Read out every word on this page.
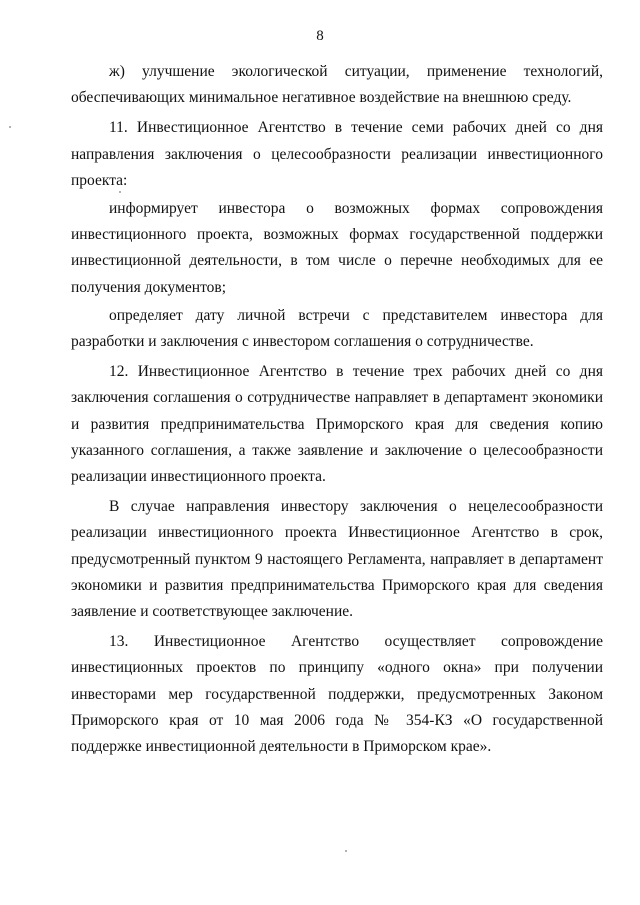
8

ж) улучшение экологической ситуации, применение технологий, обеспечивающих минимальное негативное воздействие на внешнюю среду.

11. Инвестиционное Агентство в течение семи рабочих дней со дня направления заключения о целесообразности реализации инвестиционного проекта:

информирует инвестора о возможных формах сопровождения инвестиционного проекта, возможных формах государственной поддержки инвестиционной деятельности, в том числе о перечне необходимых для ее получения документов;

определяет дату личной встречи с представителем инвестора для разработки и заключения с инвестором соглашения о сотрудничестве.

12. Инвестиционное Агентство в течение трех рабочих дней со дня заключения соглашения о сотрудничестве направляет в департамент экономики и развития предпринимательства Приморского края для сведения копию указанного соглашения, а также заявление и заключение о целесообразности реализации инвестиционного проекта.

В случае направления инвестору заключения о нецелесообразности реализации инвестиционного проекта Инвестиционное Агентство в срок, предусмотренный пунктом 9 настоящего Регламента, направляет в департамент экономики и развития предпринимательства Приморского края для сведения заявление и соответствующее заключение.

13. Инвестиционное Агентство осуществляет сопровождение инвестиционных проектов по принципу «одного окна» при получении инвесторами мер государственной поддержки, предусмотренных Законом Приморского края от 10 мая 2006 года № 354-КЗ «О государственной поддержке инвестиционной деятельности в Приморском крае».
